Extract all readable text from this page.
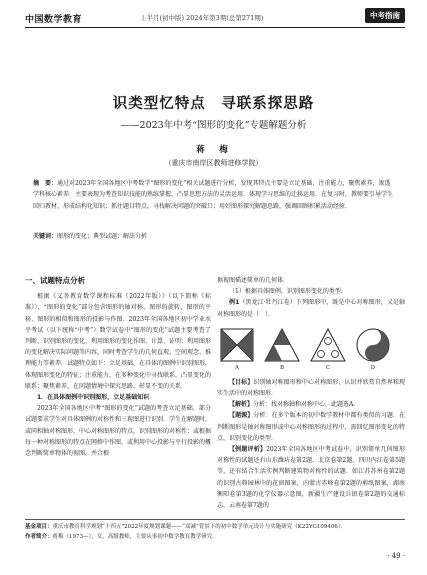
中国数学教育	上半月(初中版) 2024年第3期(总第271期)	中考指南
识类型忆特点　寻联系探思路
——2023年中考“图形的变化”专题解题分析
蒋　梅
（重庆市南岸区教师进修学院）
摘　要：通过对2023年全国各地区中考数学“图形的变化”相关试题进行分析，发现其特点主要是立足基础，注重能力，聚焦素养，渗透学科核心素养．主要表现为考查知识技能的熟练掌握，凸显思想方法的灵活运用．体现学习思维的迁移运用．在复习时，教师要引导学生回归教材，形成结构化知识；抓住题目特点，寻找解决问题的突破口；用好图形探究解题思路，强调回顾积累活动经验．
关键词：图形的变化；典型试题；解法分析
一、试题特点分析

根据《义务教育数学课程标准（2022年版）》（以下简称《标准》），“图形的变化”部分包含图形的轴对称、图形的旋转、图形的平移、图形的相似和图形的投影与作图．2023年全国各地区初中学业水平考试（以下统称“中考”）数学试卷中“图形的变化”试题主要考查了判断、识别图形的变化，利用图形的变化作图、计算、证明；利用图形的变化解决实际问题等内容，同时考查学生的几何直观、空间观念、推理能力等素养．试题特点如下：立足基础，在具体的图例中识别图形，体现图形变化的特征；注重能力，在多种变化中寻找联系，凸显变化的联系；聚焦素养，在问题情境中探究思路，彰显不变的关系．

1．在具体图例中识别图形，立足基础知识

2023年全国各地区中考“图形的变化”试题的考查立足基础．部分试题要求学生对具体图例的对称性和三视图进行识别．学生在解题时，或同相轴对称图形、中心对称图形的特点，识别图形的对称性；或根据每一种对称图形的特点在网格中作图，或利用中心投影与平行投影的概念判断简单物体的视图，并合根

据视图描述简单的几何体．

（1）根据具体图例，识别图形变化的类型．

例1（黑龙江·牡丹江卷）下列图形中，既是中心对称图形，又是轴对称图形的是（　）．

A	B	C	D

【目标】识别轴对称图形和中心对称图形，认识并欣赏自然界和现实生活中的对称图形．

【解析】分析：找对称轴和对称中心，此题选A．

【题源】分析：在多个版本的初中数学教材中都有类似的习题．在判断图形是轴对称图形或中心对称图形的过程中，需回忆图形变化的特点，识别变化的类型．

【例题评析】2023年全国各地区中考试卷中，识别简单几何图形对称性的试题还有山东潍坊卷第2题、北京卷第2题、四川内江卷第5题等，还有结合生活实例判断建筑物对称性的试题．如江苏苏州卷第2题的识别古典园林中的花窗图案，内蒙古赤峰卷第2题的剪纸图案，湖南衡阳卷第3题的化学仪器示意图，新疆生产建设兵团卷第2题的交通标志，云南卷第7题的

基金项目：重庆市教育科学规划“十四五”2022年度规划课题——“双减”背景下的初中数学单元设计与实施研究（K22YG109406）．
作者简介：蒋梅（1973—），女，高级教师，主要从事初中数学教育教学研究．
· 49 ·
